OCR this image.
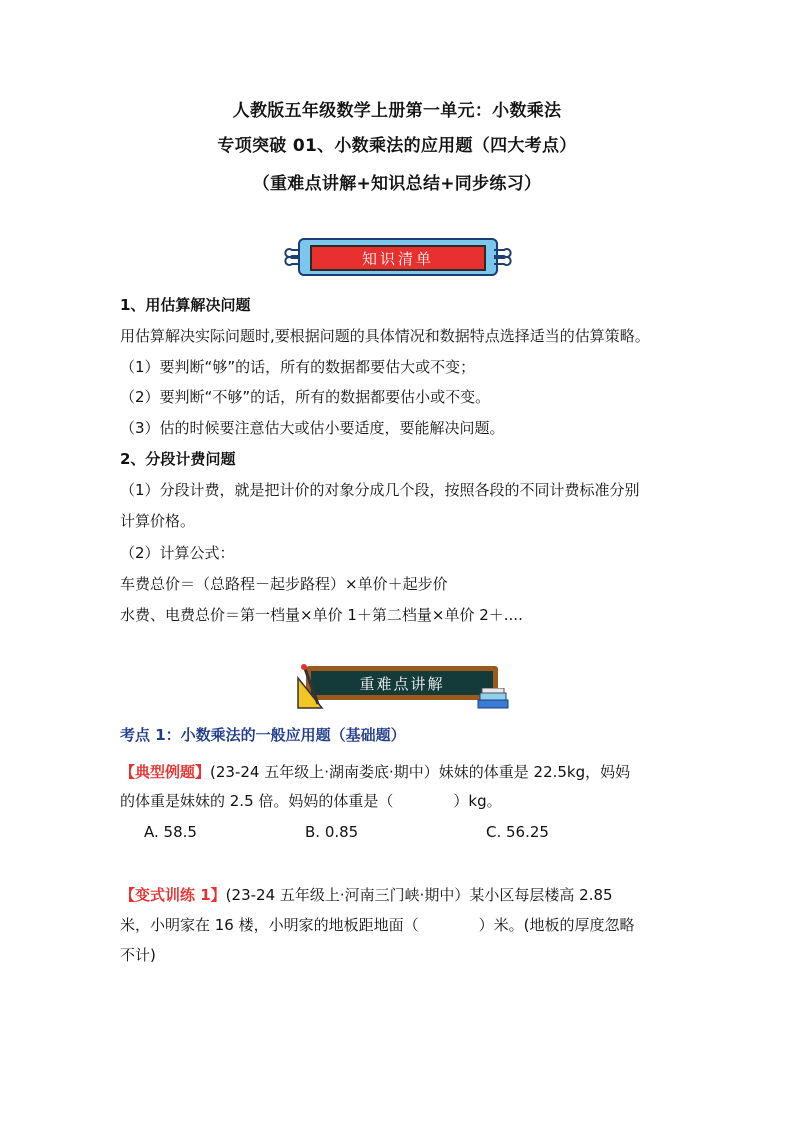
人教版五年级数学上册第一单元：小数乘法
专项突破 01、小数乘法的应用题（四大考点）
（重难点讲解+知识总结+同步练习）
知识清单
1、用估算解决问题
用估算解决实际问题时,要根据问题的具体情况和数据特点选择适当的估算策略。
（1）要判断“够”的话，所有的数据都要估大或不变；
（2）要判断“不够”的话，所有的数据都要估小或不变。
（3）估的时候要注意估大或估小要适度，要能解决问题。
2、分段计费问题
（1）分段计费，就是把计价的对象分成几个段，按照各段的不同计费标准分别
计算价格。
（2）计算公式：
车费总价＝（总路程－起步路程）×单价＋起步价
水费、电费总价＝第一档量×单价 1＋第二档量×单价 2＋....
重难点讲解
考点 1：小数乘法的一般应用题（基础题）
【典型例题】(23-24 五年级上·湖南娄底·期中）妹妹的体重是 22.5kg，妈妈
的体重是妹妹的 2.5 倍。妈妈的体重是（　　　　）kg。
A. 58.5	B. 0.85	C. 56.25
【变式训练 1】(23-24 五年级上·河南三门峡·期中）某小区每层楼高 2.85
米，小明家在 16 楼，小明家的地板距地面（　　　　）米。(地板的厚度忽略
不计)
